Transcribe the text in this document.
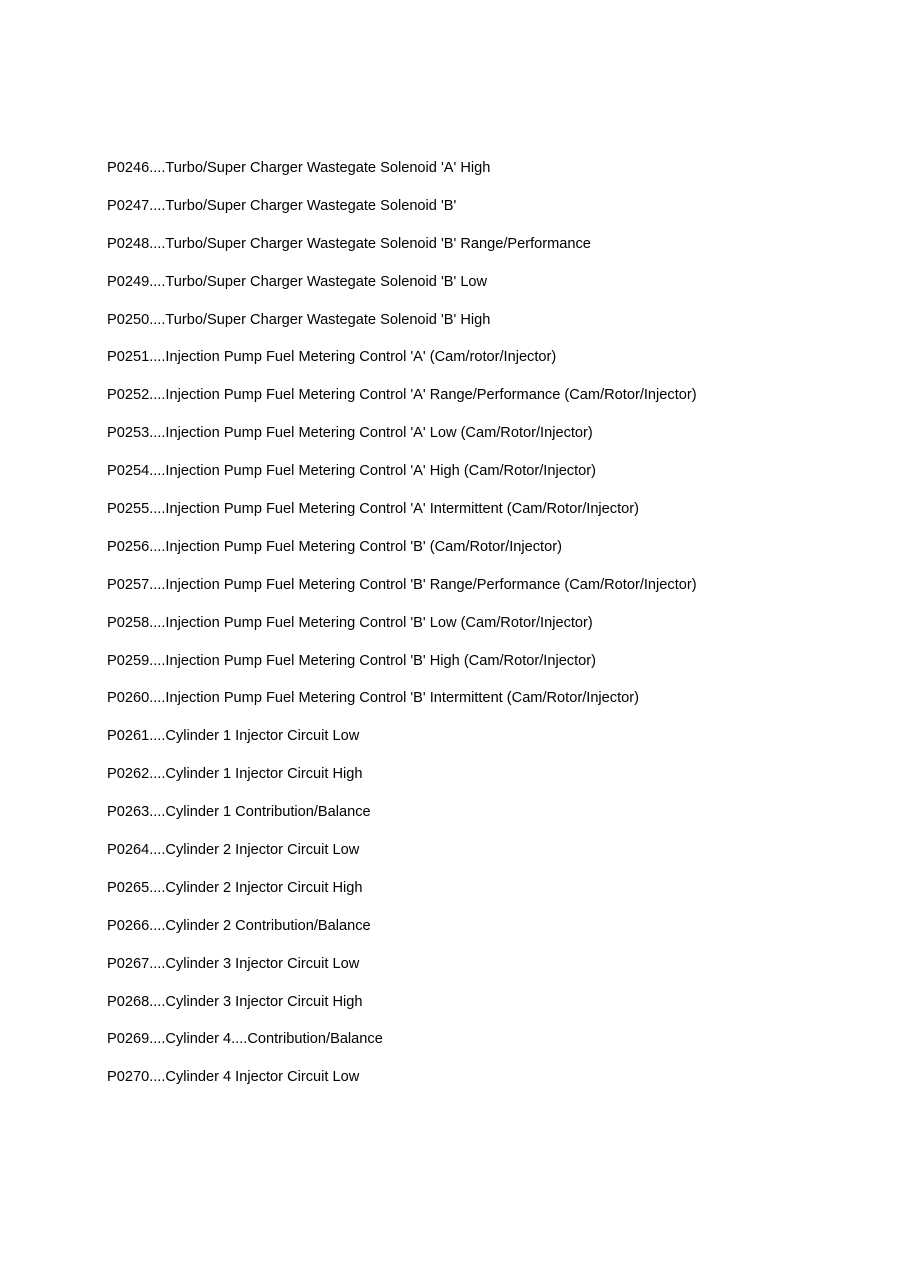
P0246....Turbo/Super Charger Wastegate Solenoid 'A' High
P0247....Turbo/Super Charger Wastegate Solenoid 'B'
P0248....Turbo/Super Charger Wastegate Solenoid 'B' Range/Performance
P0249....Turbo/Super Charger Wastegate Solenoid 'B' Low
P0250....Turbo/Super Charger Wastegate Solenoid 'B' High
P0251....Injection Pump Fuel Metering Control 'A' (Cam/rotor/Injector)
P0252....Injection Pump Fuel Metering Control 'A' Range/Performance (Cam/Rotor/Injector)
P0253....Injection Pump Fuel Metering Control 'A' Low (Cam/Rotor/Injector)
P0254....Injection Pump Fuel Metering Control 'A' High (Cam/Rotor/Injector)
P0255....Injection Pump Fuel Metering Control 'A' Intermittent (Cam/Rotor/Injector)
P0256....Injection Pump Fuel Metering Control 'B' (Cam/Rotor/Injector)
P0257....Injection Pump Fuel Metering Control 'B' Range/Performance (Cam/Rotor/Injector)
P0258....Injection Pump Fuel Metering Control 'B' Low (Cam/Rotor/Injector)
P0259....Injection Pump Fuel Metering Control 'B' High (Cam/Rotor/Injector)
P0260....Injection Pump Fuel Metering Control 'B' Intermittent (Cam/Rotor/Injector)
P0261....Cylinder 1 Injector Circuit Low
P0262....Cylinder 1 Injector Circuit High
P0263....Cylinder 1 Contribution/Balance
P0264....Cylinder 2 Injector Circuit Low
P0265....Cylinder 2 Injector Circuit High
P0266....Cylinder 2 Contribution/Balance
P0267....Cylinder 3 Injector Circuit Low
P0268....Cylinder 3 Injector Circuit High
P0269....Cylinder 4....Contribution/Balance
P0270....Cylinder 4 Injector Circuit Low
